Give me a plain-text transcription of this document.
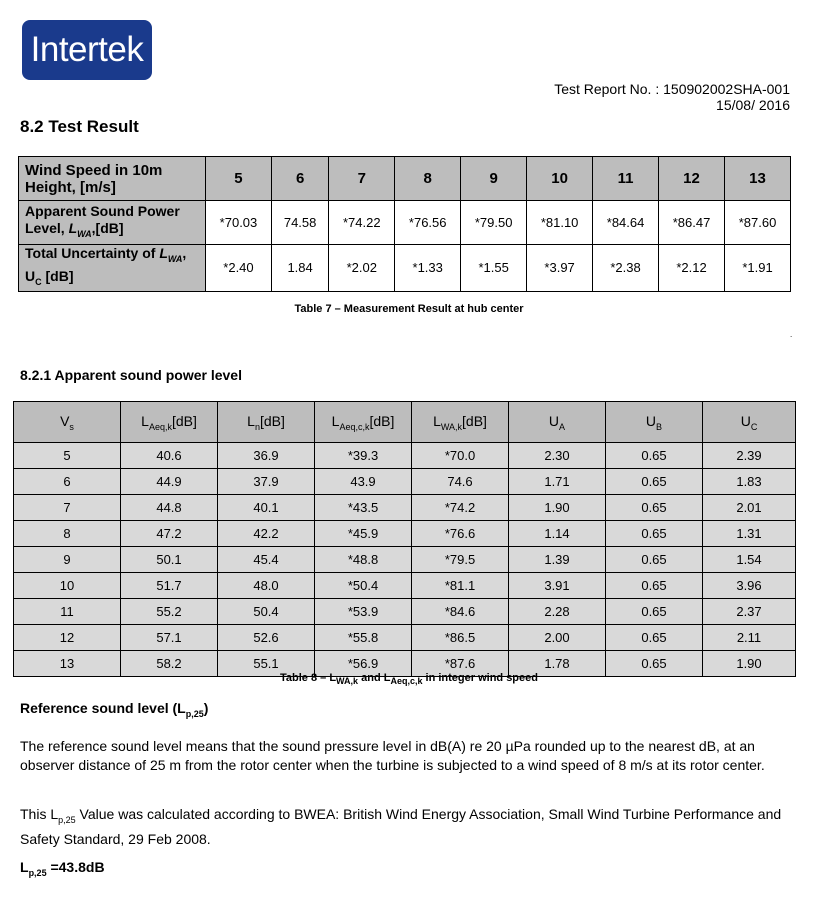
Intertek
Test Report No. : 150902002SHA-001
15/08/ 2016
8.2 Test Result
Wind Speed in 10m Height, [m/s]	5	6	7	8	9	10	11	12	13
Apparent Sound Power Level, $L_{WA},[dB]$	*70.03	74.58	*74.22	*76.56	*79.50	*81.10	*84.64	*86.47	*87.60
Total Uncertainty of $L_{WA}$, $U_C$ [dB]	*2.40	1.84	*2.02	*1.33	*1.55	*3.97	*2.38	*2.12	*1.91
Table 7 – Measurement Result at hub center
.
8.2.1 Apparent sound power level
$V_s$	$L_{Aeq,k}[dB]$	$L_n[dB]$	$L_{Aeq,c,k}[dB]$	$L_{WA,k}[dB]$	$U_A$	$U_B$	$U_C$
5	40.6	36.9	*39.3	*70.0	2.30	0.65	2.39
6	44.9	37.9	43.9	74.6	1.71	0.65	1.83
7	44.8	40.1	*43.5	*74.2	1.90	0.65	2.01
8	47.2	42.2	*45.9	*76.6	1.14	0.65	1.31
9	50.1	45.4	*48.8	*79.5	1.39	0.65	1.54
10	51.7	48.0	*50.4	*81.1	3.91	0.65	3.96
11	55.2	50.4	*53.9	*84.6	2.28	0.65	2.37
12	57.1	52.6	*55.8	*86.5	2.00	0.65	2.11
13	58.2	55.1	*56.9	*87.6	1.78	0.65	1.90
Table $8 - L_{WA,k}$ and $L_{Aeq,c,k}$ in integer wind speed
Reference sound level $(L_{p,25})$
The reference sound level means that the sound pressure level in dB(A) re 20 µPa rounded up to the nearest dB, at an observer distance of 25 m from the rotor center when the turbine is subjected to a wind speed of 8 m/s at its rotor center.
This $L_{p,25}$ Value was calculated according to BWEA: British Wind Energy Association, Small Wind Turbine Performance and Safety Standard, 29 Feb 2008.
$L_{p,25} =43.8dB$
